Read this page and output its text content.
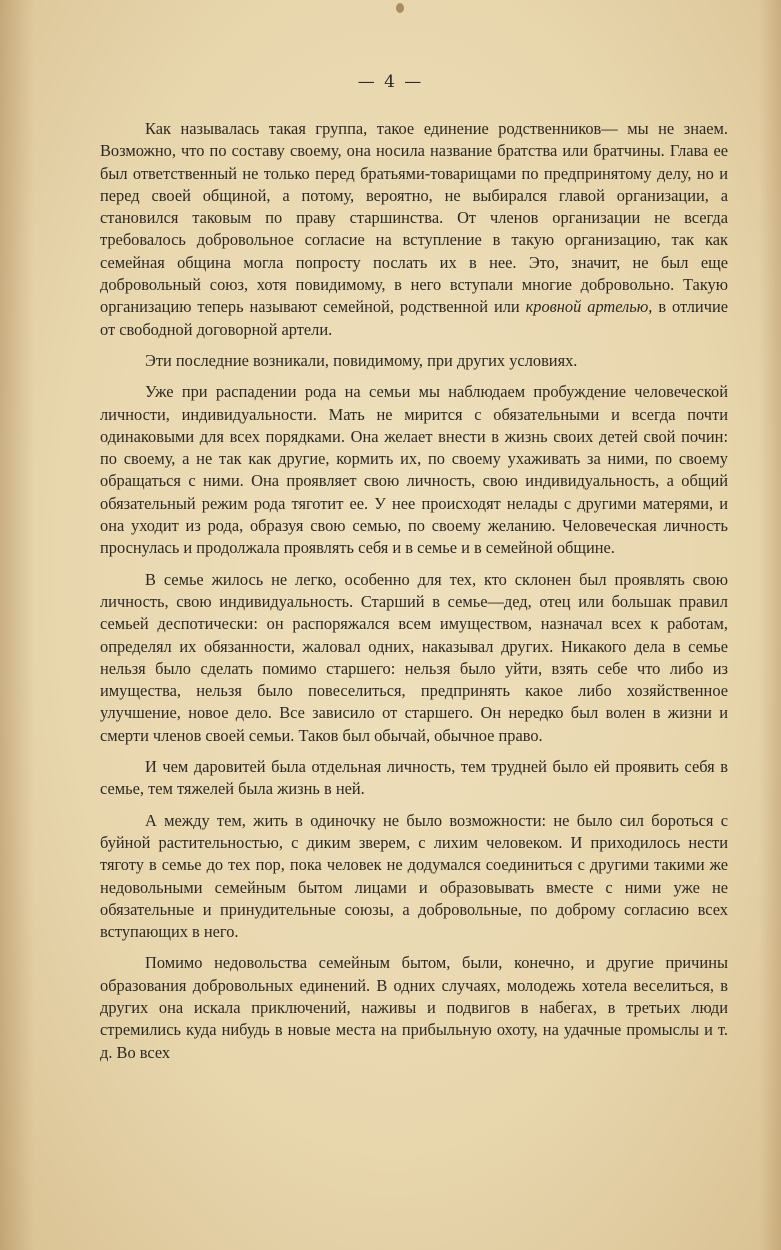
— 4 —

Как называлась такая группа, такое единение родственников— мы не знаем. Возможно, что по составу своему, она носила название братства или братчины. Глава ее был ответственный не только перед братьями-товарищами по предпринятому делу, но и перед своей общиной, а потому, вероятно, не выбирался главой организации, а становился таковым по праву старшинства. От членов организации не всегда требовалось добровольное согласие на вступление в такую организацию, так как семейная община могла попросту послать их в нее. Это, значит, не был еще добровольный союз, хотя повидимому, в него вступали многие добровольно. Такую организацию теперь называют семейной, родственной или кровной артелью, в отличие от свободной договорной артели.

Эти последние возникали, повидимому, при других условиях.

Уже при распадении рода на семьи мы наблюдаем пробуждение человеческой личности, индивидуальности. Мать не мирится с обязательными и всегда почти одинаковыми для всех порядками. Она желает внести в жизнь своих детей свой почин: по своему, а не так как другие, кормить их, по своему ухаживать за ними, по своему обращаться с ними. Она проявляет свою личность, свою индивидуальность, а общий обязательный режим рода тяготит ее. У нее происходят нелады с другими матерями, и она уходит из рода, образуя свою семью, по своему желанию. Человеческая личность проснулась и продолжала проявлять себя и в семье и в семейной общине.

В семье жилось не легко, особенно для тех, кто склонен был проявлять свою личность, свою индивидуальность. Старший в семье—дед, отец или большак правил семьей деспотически: он распоряжался всем имуществом, назначал всех к работам, определял их обязанности, жаловал одних, наказывал других. Никакого дела в семье нельзя было сделать помимо старшего: нельзя было уйти, взять себе что либо из имущества, нельзя было повеселиться, предпринять какое либо хозяйственное улучшение, новое дело. Все зависило от старшего. Он нередко был волен в жизни и смерти членов своей семьи. Таков был обычай, обычное право.

И чем даровитей была отдельная личность, тем трудней было ей проявить себя в семье, тем тяжелей была жизнь в ней.

А между тем, жить в одиночку не было возможности: не было сил бороться с буйной растительностью, с диким зверем, с лихим человеком. И приходилось нести тяготу в семье до тех пор, пока человек не додумался соединиться с другими такими же недовольными семейным бытом лицами и образовывать вместе с ними уже не обязательные и принудительные союзы, а добровольные, по доброму согласию всех вступающих в него.

Помимо недовольства семейным бытом, были, конечно, и другие причины образования добровольных единений. В одних случаях, молодежь хотела веселиться, в других она искала приключений, наживы и подвигов в набегах, в третьих люди стремились куда нибудь в новые места на прибыльную охоту, на удачные промыслы и т. д. Во всех
